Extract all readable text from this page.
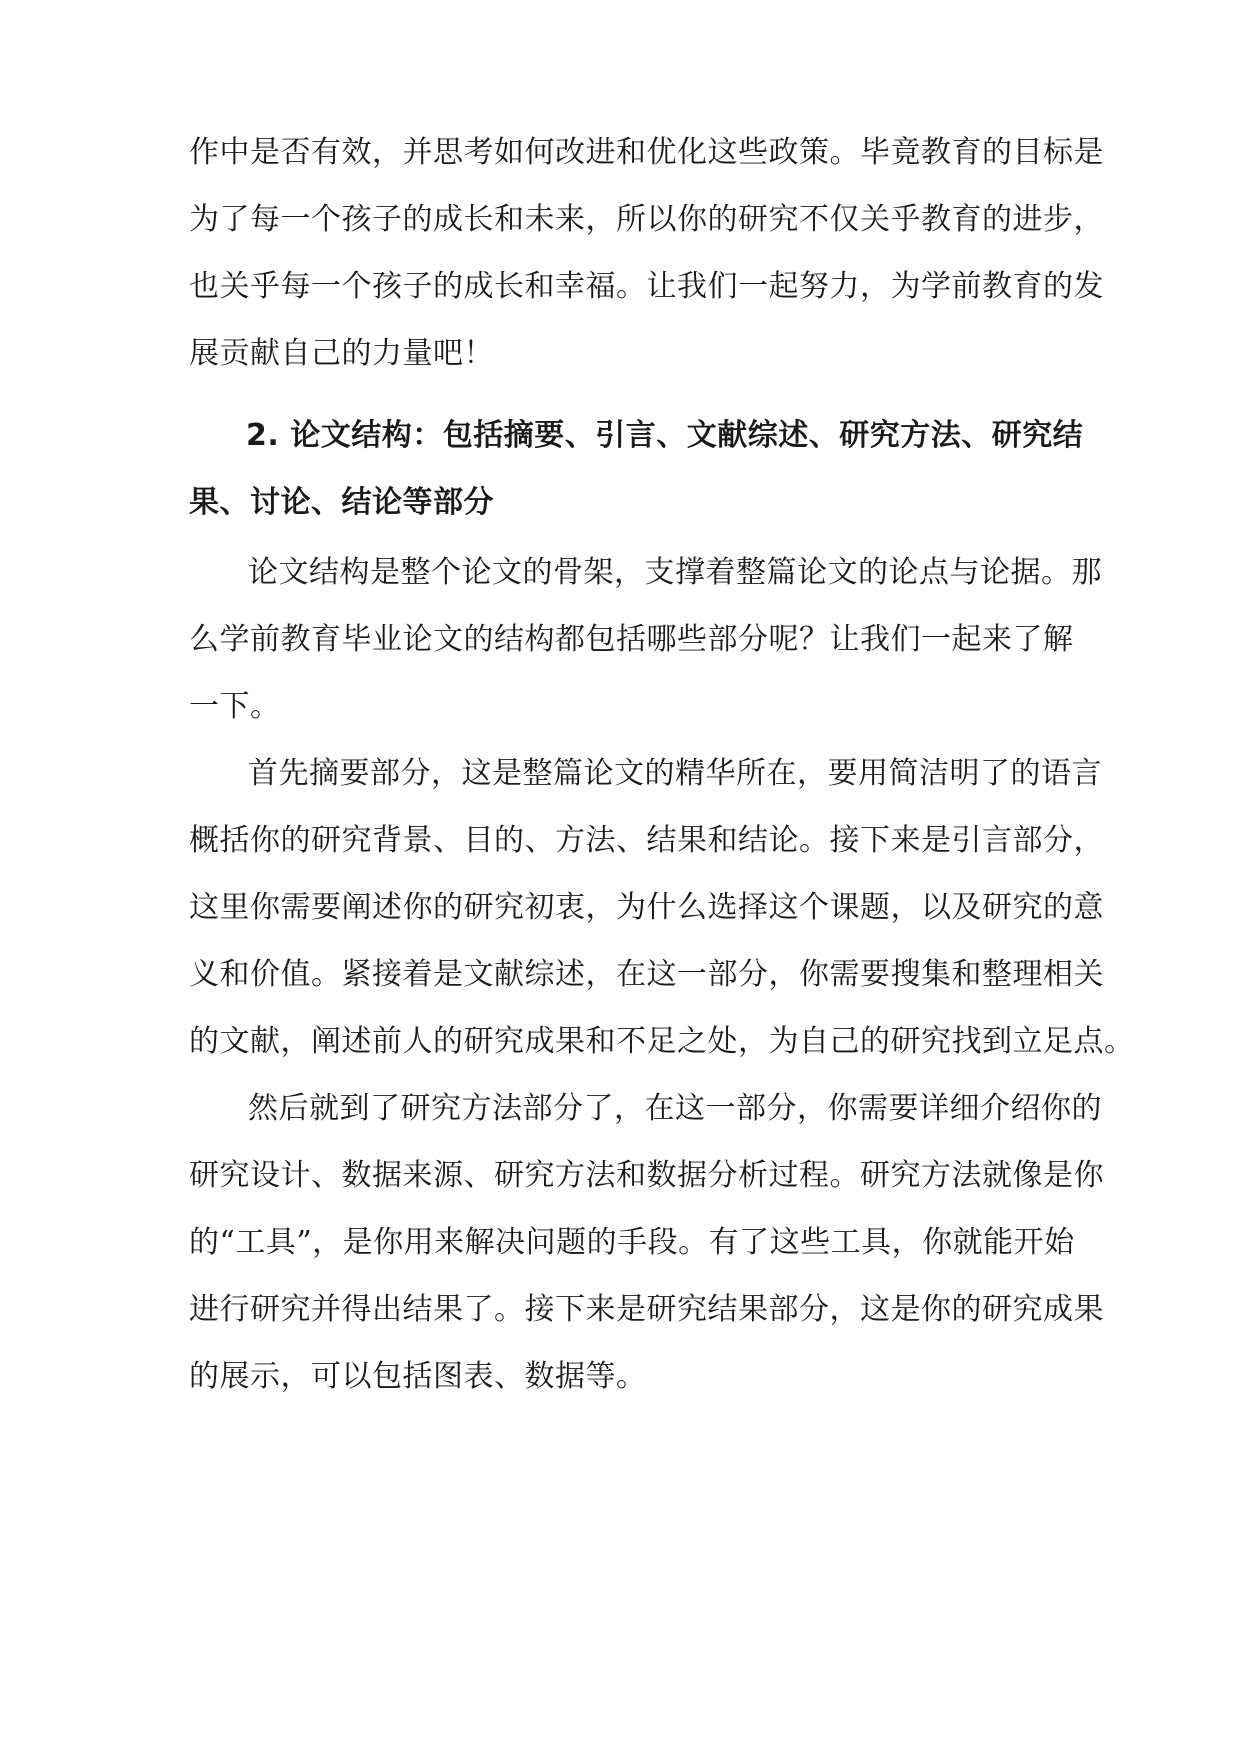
作中是否有效，并思考如何改进和优化这些政策。毕竟教育的目标是
为了每一个孩子的成长和未来，所以你的研究不仅关乎教育的进步，
也关乎每一个孩子的成长和幸福。让我们一起努力，为学前教育的发
展贡献自己的力量吧！
2. 论文结构：包括摘要、引言、文献综述、研究方法、研究结
果、讨论、结论等部分
论文结构是整个论文的骨架，支撑着整篇论文的论点与论据。那
么学前教育毕业论文的结构都包括哪些部分呢？让我们一起来了解
一下。
首先摘要部分，这是整篇论文的精华所在，要用简洁明了的语言
概括你的研究背景、目的、方法、结果和结论。接下来是引言部分，
这里你需要阐述你的研究初衷，为什么选择这个课题，以及研究的意
义和价值。紧接着是文献综述，在这一部分，你需要搜集和整理相关
的文献，阐述前人的研究成果和不足之处，为自己的研究找到立足点。
然后就到了研究方法部分了，在这一部分，你需要详细介绍你的
研究设计、数据来源、研究方法和数据分析过程。研究方法就像是你
的“工具”，是你用来解决问题的手段。有了这些工具，你就能开始
进行研究并得出结果了。接下来是研究结果部分，这是你的研究成果
的展示，可以包括图表、数据等。
